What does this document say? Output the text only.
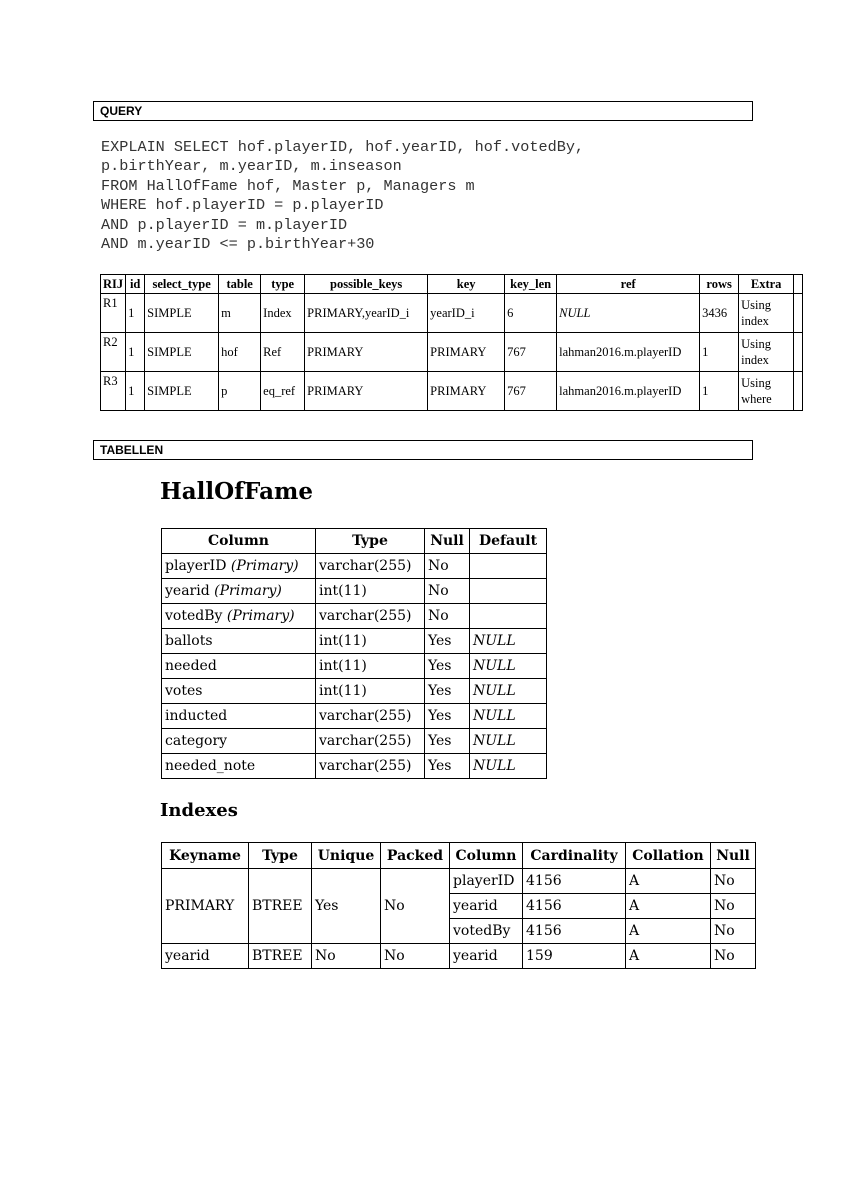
QUERY
EXPLAIN SELECT hof.playerID, hof.yearID, hof.votedBy,
p.birthYear, m.yearID, m.inseason
FROM HallOfFame hof, Master p, Managers m
WHERE hof.playerID = p.playerID
AND p.playerID = m.playerID
AND m.yearID <= p.birthYear+30
RIJ	id	select_type	table	type	possible_keys	key	key_len	ref	rows	Extra	
R1	1	SIMPLE	m	Index	PRIMARY,yearID_i	yearID_i	6	NULL	3436	Using index	
R2	1	SIMPLE	hof	Ref	PRIMARY	PRIMARY	767	lahman2016.m.playerID	1	Using index	
R3	1	SIMPLE	p	eq_ref	PRIMARY	PRIMARY	767	lahman2016.m.playerID	1	Using where	
TABELLEN
HallOfFame
Column	Type	Null	Default
playerID (Primary)	varchar(255)	No	
yearid (Primary)	int(11)	No	
votedBy (Primary)	varchar(255)	No	
ballots	int(11)	Yes	NULL
needed	int(11)	Yes	NULL
votes	int(11)	Yes	NULL
inducted	varchar(255)	Yes	NULL
category	varchar(255)	Yes	NULL
needed_note	varchar(255)	Yes	NULL
Indexes
Keyname	Type	Unique	Packed	Column	Cardinality	Collation	Null
PRIMARY	BTREE	Yes	No	playerID	4156	A	No
				yearid	4156	A	No
				votedBy	4156	A	No
yearid	BTREE	No	No	yearid	159	A	No
